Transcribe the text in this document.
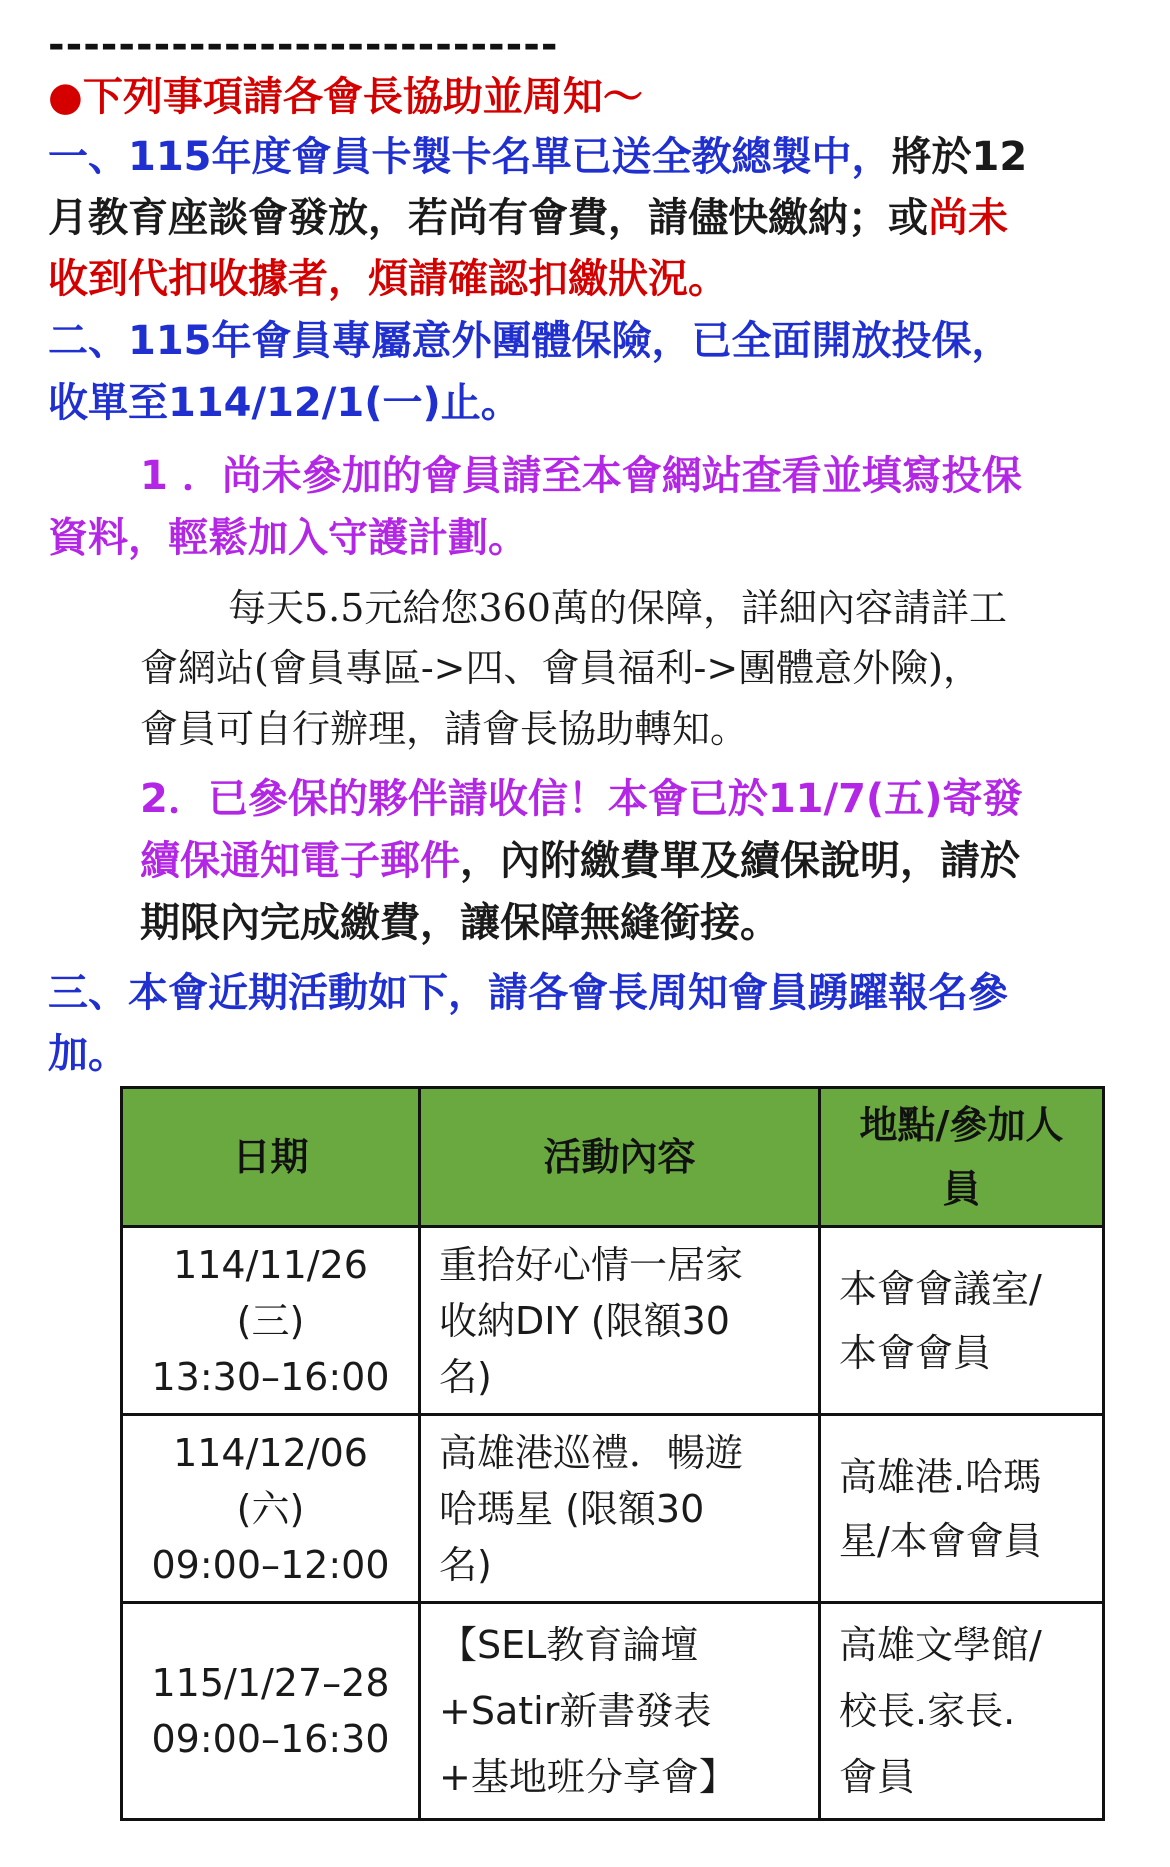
-----------------------------
●下列事項請各會長協助並周知～
一、115年度會員卡製卡名單已送全教總製中，將於12
月教育座談會發放，若尚有會費，請儘快繳納；或尚未
收到代扣收據者，煩請確認扣繳狀況。
二、115年會員專屬意外團體保險，已全面開放投保，
收單至114/12/1(一)止。
1 ．尚未參加的會員請至本會網站查看並填寫投保
資料，輕鬆加入守護計劃。
每天5.5元給您360萬的保障，詳細內容請詳工
會網站(會員專區->四、會員福利->團體意外險)，
會員可自行辦理，請會長協助轉知。
2．已參保的夥伴請收信！本會已於11/7(五)寄發
續保通知電子郵件，內附繳費單及續保說明，請於
期限內完成繳費，讓保障無縫銜接。
三、本會近期活動如下，請各會長周知會員踴躍報名參
加。
日期	活動內容	地點/參加人
員

114/11/26
(三)
13:30–16:00	重拾好心情一居家
收納DIY (限額30
名)	本會會議室/
本會會員

114/12/06
(六)
09:00–12:00	高雄港巡禮．暢遊
哈瑪星 (限額30
名)	高雄港.哈瑪
星/本會會員

115/1/27–28
09:00–16:30	【SEL教育論壇
+Satir新書發表
+基地班分享會】	高雄文學館/
校長.家長.
會員
